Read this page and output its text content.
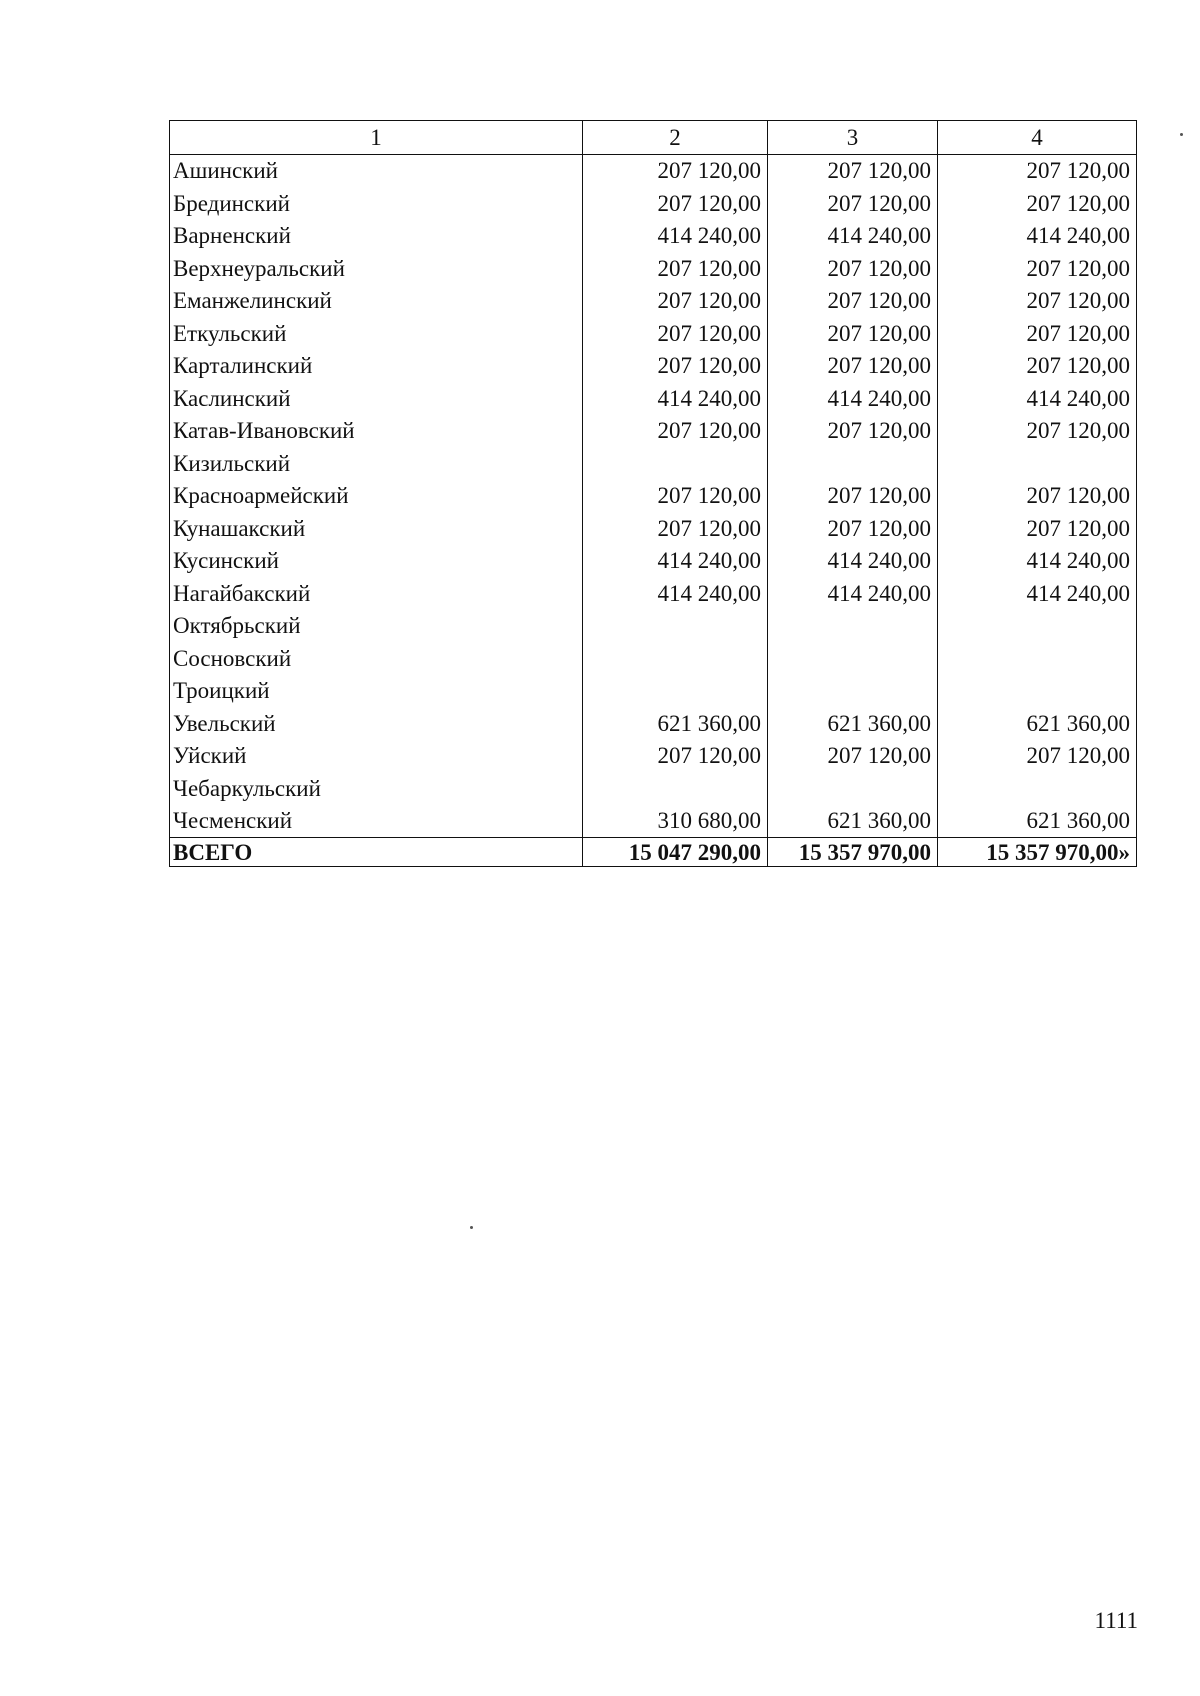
1	2	3	4
Ашинский	207 120,00	207 120,00	207 120,00
Брединский	207 120,00	207 120,00	207 120,00
Варненский	414 240,00	414 240,00	414 240,00
Верхнеуральский	207 120,00	207 120,00	207 120,00
Еманжелинский	207 120,00	207 120,00	207 120,00
Еткульский	207 120,00	207 120,00	207 120,00
Карталинский	207 120,00	207 120,00	207 120,00
Каслинский	414 240,00	414 240,00	414 240,00
Катав-Ивановский	207 120,00	207 120,00	207 120,00
Кизильский			
Красноармейский	207 120,00	207 120,00	207 120,00
Кунашакский	207 120,00	207 120,00	207 120,00
Кусинский	414 240,00	414 240,00	414 240,00
Нагайбакский	414 240,00	414 240,00	414 240,00
Октябрьский			
Сосновский			
Троицкий			
Увельский	621 360,00	621 360,00	621 360,00
Уйский	207 120,00	207 120,00	207 120,00
Чебаркульский			
Чесменский	310 680,00	621 360,00	621 360,00
ВСЕГО	15 047 290,00	15 357 970,00	15 357 970,00»
1111
